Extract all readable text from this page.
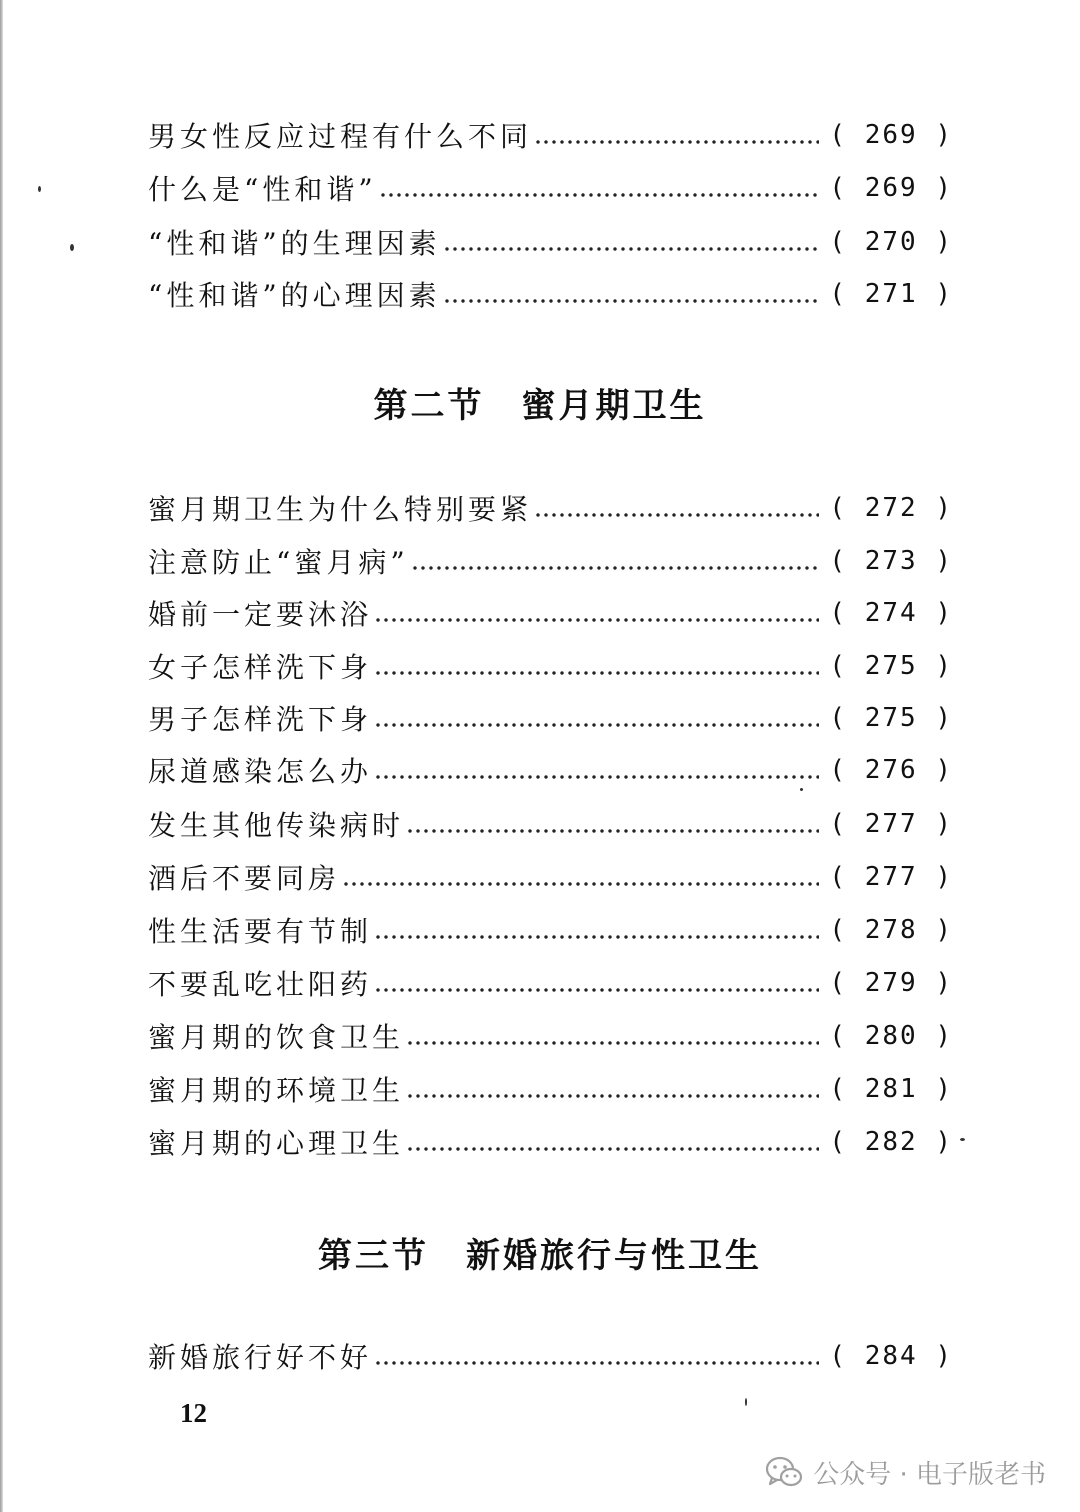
男女性反应过程有什么不同	( 269 )
什么是“性和谐”	( 269 )
“性和谐”的生理因素	( 270 )
“性和谐”的心理因素	( 271 )
第二节　蜜月期卫生
蜜月期卫生为什么特别要紧	( 272 )
注意防止“蜜月病”	( 273 )
婚前一定要沐浴	( 274 )
女子怎样洗下身	( 275 )
男子怎样洗下身	( 275 )
尿道感染怎么办	( 276 )
发生其他传染病时	( 277 )
酒后不要同房	( 277 )
性生活要有节制	( 278 )
不要乱吃壮阳药	( 279 )
蜜月期的饮食卫生	( 280 )
蜜月期的环境卫生	( 281 )
蜜月期的心理卫生	( 282 )
第三节　新婚旅行与性卫生
新婚旅行好不好	( 284 )
12
公众号 · 电子版老书
